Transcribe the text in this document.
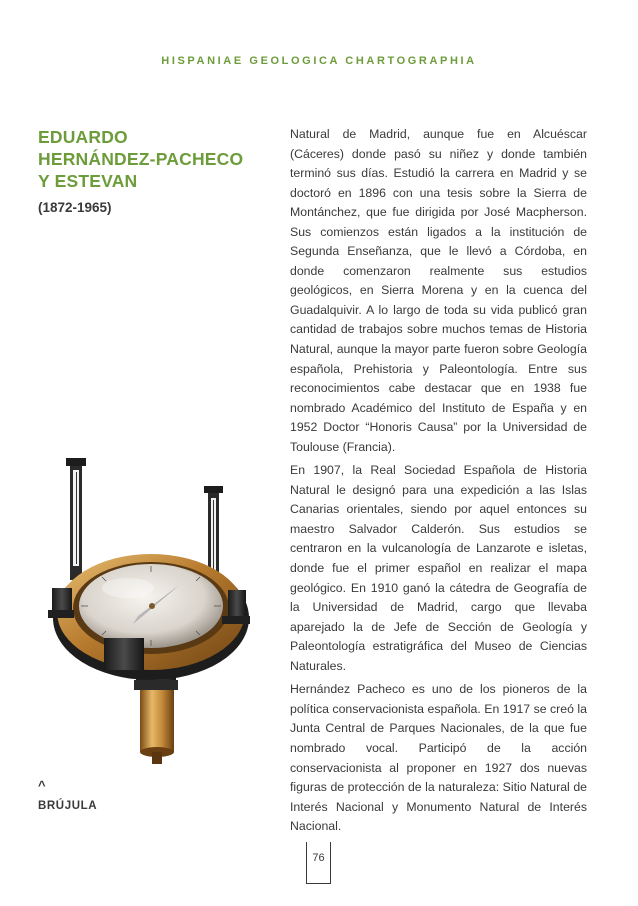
HISPANIAE GEOLOGICA CHARTOGRAPHIA
EDUARDO
HERNÁNDEZ-PACHECO
Y ESTEVAN
(1872-1965)
^
BRÚJULA

Natural de Madrid, aunque fue en Alcuéscar (Cáceres) donde pasó su niñez y donde también terminó sus días. Estudió la carrera en Madrid y se doctoró en 1896 con una tesis sobre la Sierra de Montánchez, que fue dirigida por José Macpherson. Sus comienzos están ligados a la institución de Segunda Enseñanza, que le llevó a Córdoba, en donde comenzaron realmente sus estudios geológicos, en Sierra Morena y en la cuenca del Guadalquivir. A lo largo de toda su vida publicó gran cantidad de trabajos sobre muchos temas de Historia Natural, aunque la mayor parte fueron sobre Geología española, Prehistoria y Paleontología. Entre sus reconocimientos cabe destacar que en 1938 fue nombrado Académico del Instituto de España y en 1952 Doctor “Honoris Causa” por la Universidad de Toulouse (Francia).

En 1907, la Real Sociedad Española de Historia Natural le designó para una expedición a las Islas Canarias orientales, siendo por aquel entonces su maestro Salvador Calderón. Sus estudios se centraron en la vulcanología de Lanzarote e isletas, donde fue el primer español en realizar el mapa geológico. En 1910 ganó la cátedra de Geografía de la Universidad de Madrid, cargo que llevaba aparejado la de Jefe de Sección de Geología y Paleontología estratigráfica del Museo de Ciencias Naturales.

Hernández Pacheco es uno de los pioneros de la política conservacionista española. En 1917 se creó la Junta Central de Parques Nacionales, de la que fue nombrado vocal. Participó de la acción conservacionista al proponer en 1927 dos nuevas figuras de protección de la naturaleza: Sitio Natural de Interés Nacional y Monumento Natural de Interés Nacional.

76
